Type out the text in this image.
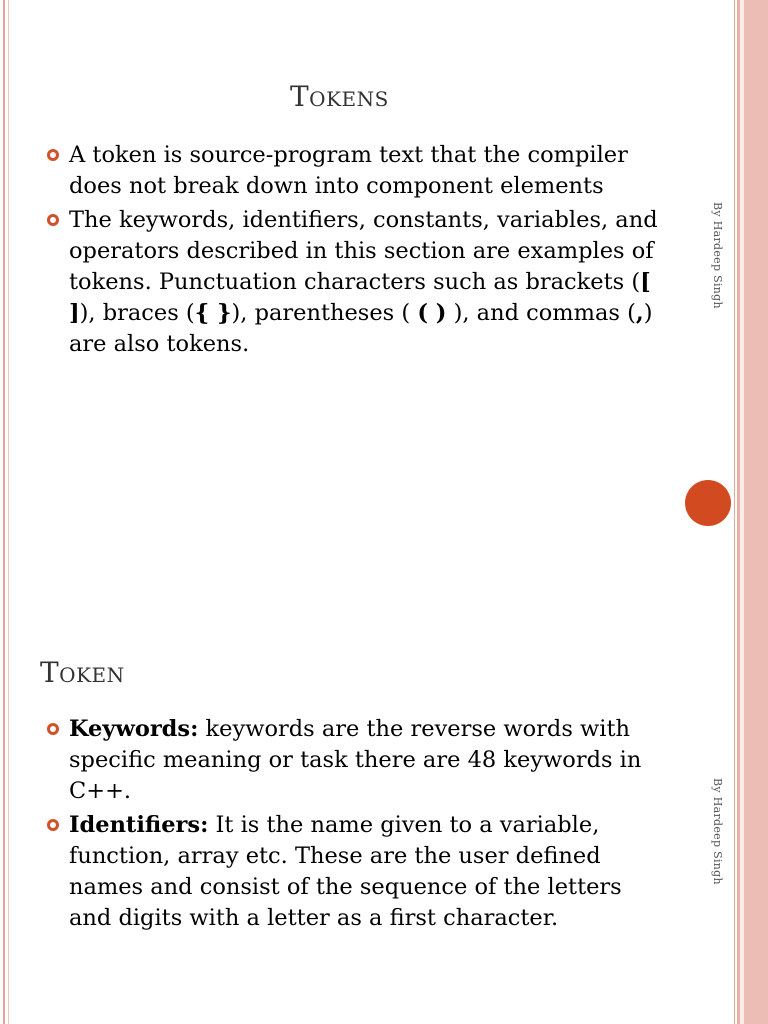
Tokens
A token is source-program text that the compiler does not break down into component elements
The keywords, identifiers, constants, variables, and operators described in this section are examples of tokens. Punctuation characters such as brackets ([ ]), braces ({ }), parentheses ( ( ) ), and commas (,) are also tokens.
By Hardeep Singh
Token
Keywords: keywords are the reverse words with specific meaning or task there are 48 keywords in C++.
Identifiers: It is the name given to a variable, function, array etc. These are the user defined names and consist of the sequence of the letters and digits with a letter as a first character.
By Hardeep Singh
